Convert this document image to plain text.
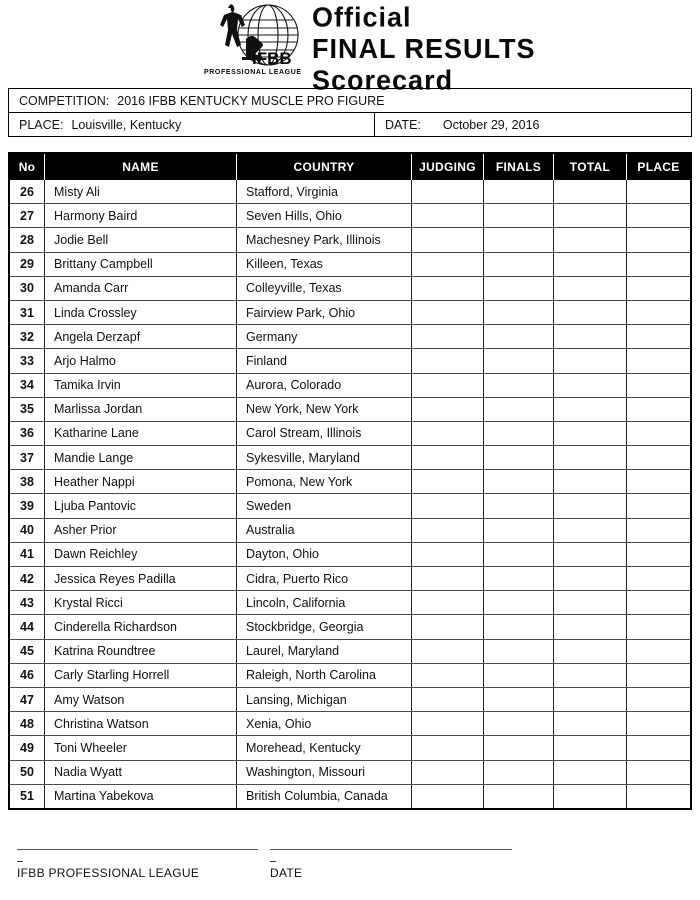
IFBB
PROFESSIONAL LEAGUE
Official
FINAL RESULTS
Scorecard
COMPETITION: 2016 IFBB KENTUCKY MUSCLE PRO FIGURE
PLACE: Louisville, Kentucky	DATE: October 29, 2016
No	NAME	COUNTRY	JUDGING	FINALS	TOTAL	PLACE
26	Misty Ali	Stafford, Virginia
27	Harmony Baird	Seven Hills, Ohio
28	Jodie Bell	Machesney Park, Illinois
29	Brittany Campbell	Killeen, Texas
30	Amanda Carr	Colleyville, Texas
31	Linda Crossley	Fairview Park, Ohio
32	Angela Derzapf	Germany
33	Arjo Halmo	Finland
34	Tamika Irvin	Aurora, Colorado
35	Marlissa Jordan	New York, New York
36	Katharine Lane	Carol Stream, Illinois
37	Mandie Lange	Sykesville, Maryland
38	Heather Nappi	Pomona, New York
39	Ljuba Pantovic	Sweden
40	Asher Prior	Australia
41	Dawn Reichley	Dayton, Ohio
42	Jessica Reyes Padilla	Cidra, Puerto Rico
43	Krystal Ricci	Lincoln, California
44	Cinderella Richardson	Stockbridge, Georgia
45	Katrina Roundtree	Laurel, Maryland
46	Carly Starling Horrell	Raleigh, North Carolina
47	Amy Watson	Lansing, Michigan
48	Christina Watson	Xenia, Ohio
49	Toni Wheeler	Morehead, Kentucky
50	Nadia Wyatt	Washington, Missouri
51	Martina Yabekova	British Columbia, Canada
IFBB PROFESSIONAL LEAGUE	DATE
